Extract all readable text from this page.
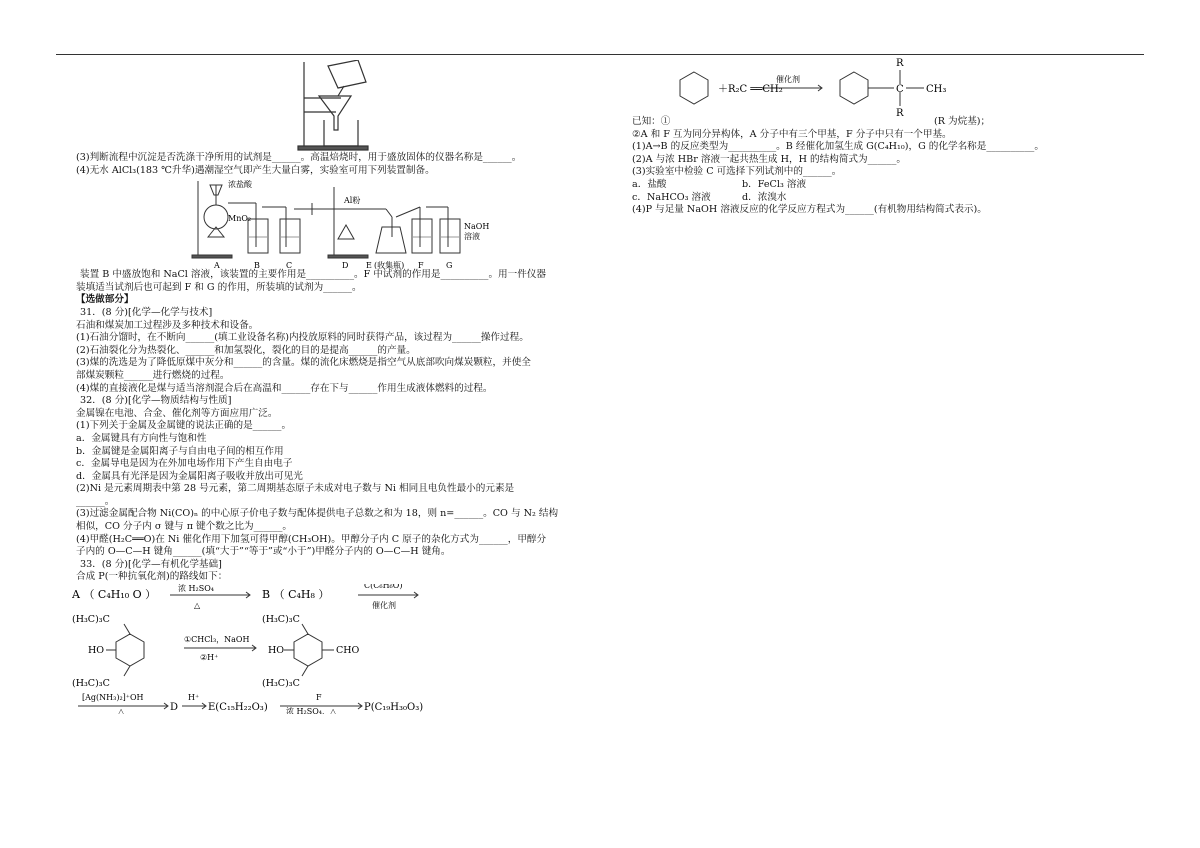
(3)判断流程中沉淀是否洗涤干净所用的试剂是______。高温焙烧时，用于盛放固体的仪器名称是______。
(4)无水 AlCl₃(183 ℃升华)遇潮湿空气即产生大量白雾，实验室可用下列装置制备。
浓盐酸
MnO₂
Al粉
NaOH
溶液
A	B	C	D E (收集瓶) F	G
装置 B 中盛放饱和 NaCl 溶液，该装置的主要作用是__________。F 中试剂的作用是__________。用一件仪器
装填适当试剂后也可起到 F 和 G 的作用，所装填的试剂为______。
【选做部分】
31．(8 分)[化学—化学与技术]
石油和煤炭加工过程涉及多种技术和设备。
(1)石油分馏时，在不断向______(填工业设备名称)内投放原料的同时获得产品，该过程为______操作过程。
(2)石油裂化分为热裂化、______和加氢裂化，裂化的目的是提高______的产量。
(3)煤的洗选是为了降低原煤中灰分和______的含量。煤的流化床燃烧是指空气从底部吹向煤炭颗粒，并使全
部煤炭颗粒______进行燃烧的过程。
(4)煤的直接液化是煤与适当溶剂混合后在高温和______存在下与______作用生成液体燃料的过程。
32．(8 分)[化学—物质结构与性质]
金属镍在电池、合金、催化剂等方面应用广泛。
(1)下列关于金属及金属键的说法正确的是______。
a．金属键具有方向性与饱和性
b．金属键是金属阳离子与自由电子间的相互作用
c．金属导电是因为在外加电场作用下产生自由电子
d．金属具有光泽是因为金属阳离子吸收并放出可见光
(2)Ni 是元素周期表中第 28 号元素，第二周期基态原子未成对电子数与 Ni 相同且电负性最小的元素是
______。
(3)过滤金属配合物 Ni(CO)ₙ 的中心原子价电子数与配体提供电子总数之和为 18，则 n=______。CO 与 N₂ 结构
相似，CO 分子内 σ 键与 π 键个数之比为______。
(4)甲醛(H₂C══O)在 Ni 催化作用下加氢可得甲醇(CH₃OH)。甲醇分子内 C 原子的杂化方式为______，甲醇分
子内的 O—C—H 键角______(填“大于”“等于”或“小于”)甲醛分子内的 O—C—H 键角。
33．(8 分)[化学—有机化学基础]
合成 P(一种抗氧化剂)的路线如下：
A （ C₄H₁₀ O ）	浓 H₂SO₄
△
B （ C₄H₈ ）
C(C₆H₆O)
催化剂
(H₃C)₃C
HO
(H₃C)₃C
①CHCl₃，NaOH
②H⁺
(H₃C)₃C
HO	CHO
(H₃C)₃C
[Ag(NH₃)₂]⁺OH
△	D
H⁺
E(C₁₅H₂₂O₃)
F
浓 H₂SO₄，△	P(C₁₉H₃₀O₃)
＋R₂C ══CH₂
催化剂
R
C CH₃
R
已知：①	(R 为烷基)；
②A 和 F 互为同分异构体，A 分子中有三个甲基，F 分子中只有一个甲基。
(1)A→B 的反应类型为__________。B 经催化加氢生成 G(C₄H₁₀)，G 的化学名称是__________。
(2)A 与浓 HBr 溶液一起共热生成 H，H 的结构简式为______。
(3)实验室中检验 C 可选择下列试剂中的______。
a．盐酸	b．FeCl₃ 溶液
c．NaHCO₃ 溶液	d．浓溴水
(4)P 与足量 NaOH 溶液反应的化学反应方程式为______(有机物用结构简式表示)。
